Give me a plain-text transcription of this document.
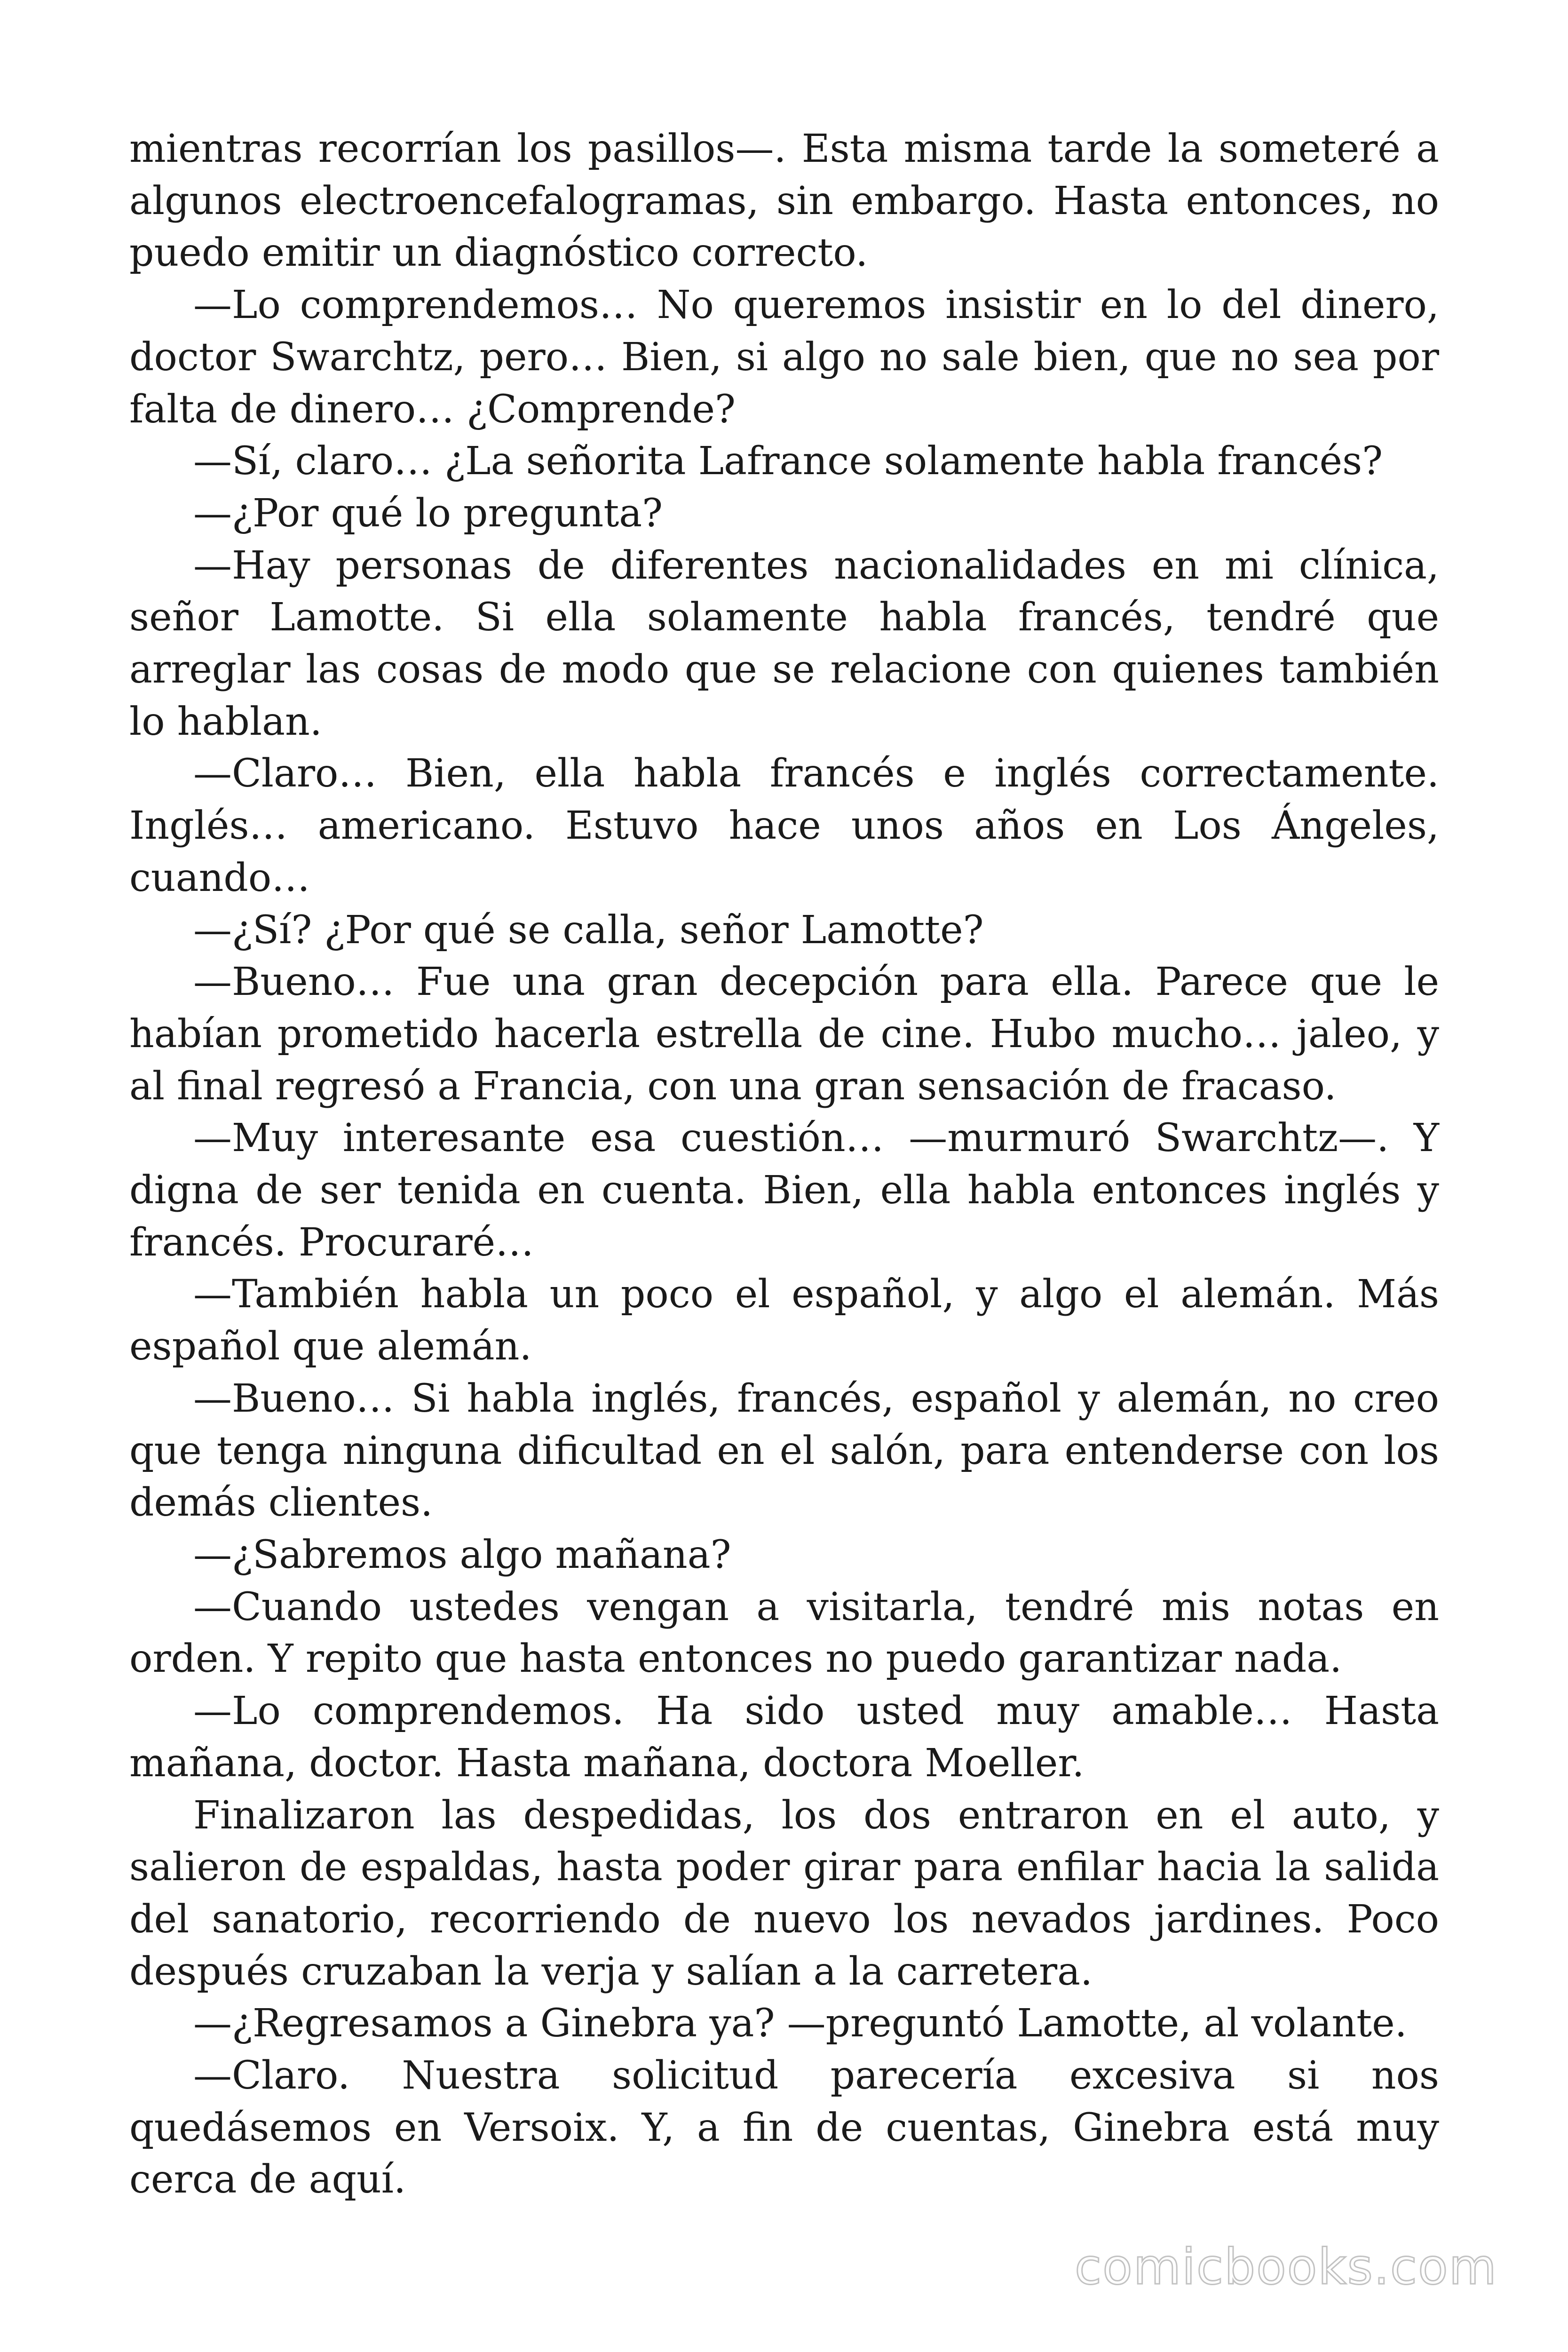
mientras recorrían los pasillos—. Esta misma tarde la someteré a algunos electroencefalogramas, sin embargo. Hasta entonces, no puedo emitir un diagnóstico correcto.

—Lo comprendemos… No queremos insistir en lo del dinero, doctor Swarchtz, pero… Bien, si algo no sale bien, que no sea por falta de dinero… ¿Comprende?

—Sí, claro… ¿La señorita Lafrance solamente habla francés?

—¿Por qué lo pregunta?

—Hay personas de diferentes nacionalidades en mi clínica, señor Lamotte. Si ella solamente habla francés, tendré que arreglar las cosas de modo que se relacione con quienes también lo hablan.

—Claro… Bien, ella habla francés e inglés correctamente. Inglés… americano. Estuvo hace unos años en Los Ángeles, cuando…

—¿Sí? ¿Por qué se calla, señor Lamotte?

—Bueno… Fue una gran decepción para ella. Parece que le habían prometido hacerla estrella de cine. Hubo mucho… jaleo, y al final regresó a Francia, con una gran sensación de fracaso.

—Muy interesante esa cuestión… —murmuró Swarchtz—. Y digna de ser tenida en cuenta. Bien, ella habla entonces inglés y francés. Procuraré…

—También habla un poco el español, y algo el alemán. Más español que alemán.

—Bueno… Si habla inglés, francés, español y alemán, no creo que tenga ninguna dificultad en el salón, para entenderse con los demás clientes.

—¿Sabremos algo mañana?

—Cuando ustedes vengan a visitarla, tendré mis notas en orden. Y repito que hasta entonces no puedo garantizar nada.

—Lo comprendemos. Ha sido usted muy amable… Hasta mañana, doctor. Hasta mañana, doctora Moeller.

Finalizaron las despedidas, los dos entraron en el auto, y salieron de espaldas, hasta poder girar para enfilar hacia la salida del sanatorio, recorriendo de nuevo los nevados jardines. Poco después cruzaban la verja y salían a la carretera.

—¿Regresamos a Ginebra ya? —preguntó Lamotte, al volante.

—Claro. Nuestra solicitud parecería excesiva si nos quedásemos en Versoix. Y, a fin de cuentas, Ginebra está muy cerca de aquí.

comicbooks.com
